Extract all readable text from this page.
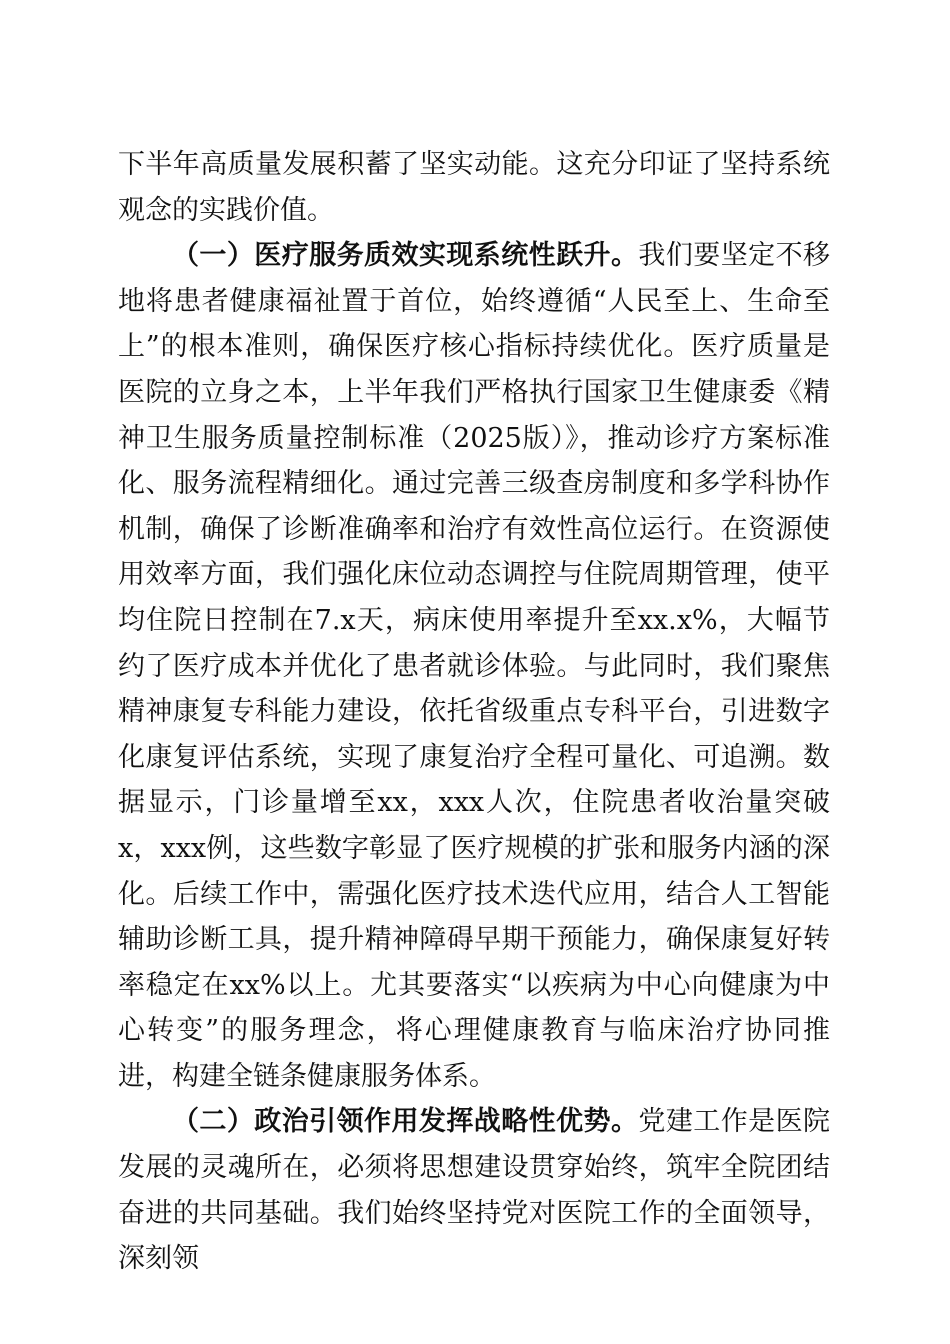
下半年高质量发展积蓄了坚实动能。这充分印证了坚持系统观念的实践价值。

（一）医疗服务质效实现系统性跃升。我们要坚定不移地将患者健康福祉置于首位，始终遵循“人民至上、生命至上”的根本准则，确保医疗核心指标持续优化。医疗质量是医院的立身之本，上半年我们严格执行国家卫生健康委《精神卫生服务质量控制标准（2025版）》，推动诊疗方案标准化、服务流程精细化。通过完善三级查房制度和多学科协作机制，确保了诊断准确率和治疗有效性高位运行。在资源使用效率方面，我们强化床位动态调控与住院周期管理，使平均住院日控制在7.x天，病床使用率提升至xx.x%，大幅节约了医疗成本并优化了患者就诊体验。与此同时，我们聚焦精神康复专科能力建设，依托省级重点专科平台，引进数字化康复评估系统，实现了康复治疗全程可量化、可追溯。数据显示，门诊量增至xx，xxx人次，住院患者收治量突破x，xxx例，这些数字彰显了医疗规模的扩张和服务内涵的深化。后续工作中，需强化医疗技术迭代应用，结合人工智能辅助诊断工具，提升精神障碍早期干预能力，确保康复好转率稳定在xx%以上。尤其要落实“以疾病为中心向健康为中心转变”的服务理念，将心理健康教育与临床治疗协同推进，构建全链条健康服务体系。

（二）政治引领作用发挥战略性优势。党建工作是医院发展的灵魂所在，必须将思想建设贯穿始终，筑牢全院团结奋进的共同基础。我们始终坚持党对医院工作的全面领导，深刻领
